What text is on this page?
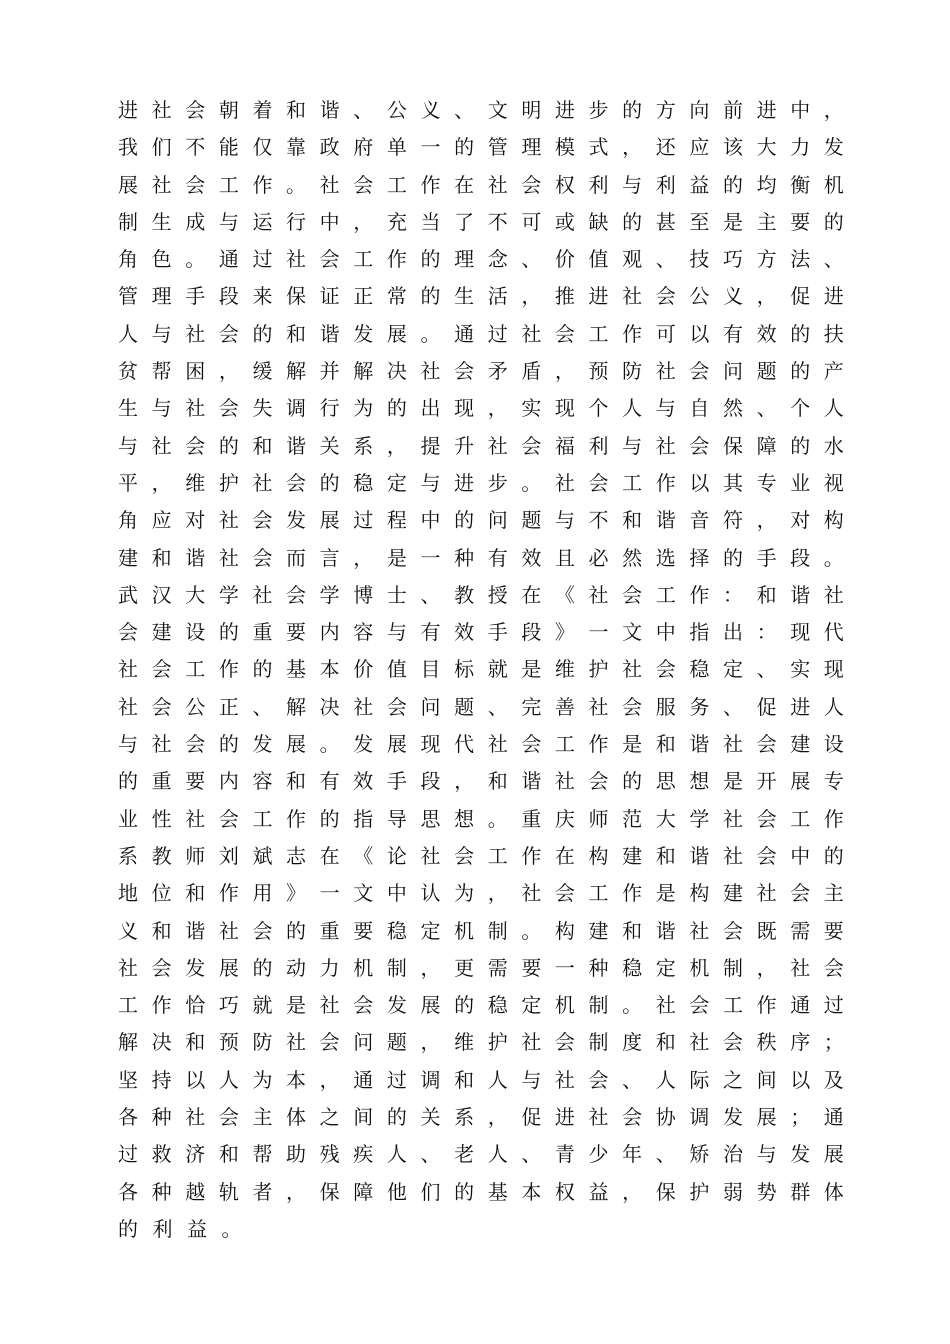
进 社 会 朝 着 和 谐 、 公 义 、 文 明 进 步 的 方 向 前 进 中 ，
我 们 不 能 仅 靠 政 府 单 一 的 管 理 模 式 ， 还 应 该 大 力 发
展 社 会 工 作 。 社 会 工 作 在 社 会 权 利 与 利 益 的 均 衡 机
制 生 成 与 运 行 中 ， 充 当 了 不 可 或 缺 的 甚 至 是 主 要 的
角 色 。 通 过 社 会 工 作 的 理 念 、 价 值 观 、 技 巧 方 法 、
管 理 手 段 来 保 证 正 常 的 生 活 ， 推 进 社 会 公 义 ， 促 进
人 与 社 会 的 和 谐 发 展 。 通 过 社 会 工 作 可 以 有 效 的 扶
贫 帮 困 ， 缓 解 并 解 决 社 会 矛 盾 ， 预 防 社 会 问 题 的 产
生 与 社 会 失 调 行 为 的 出 现 ， 实 现 个 人 与 自 然 、 个 人
与 社 会 的 和 谐 关 系 ， 提 升 社 会 福 利 与 社 会 保 障 的 水
平 ， 维 护 社 会 的 稳 定 与 进 步 。 社 会 工 作 以 其 专 业 视
角 应 对 社 会 发 展 过 程 中 的 问 题 与 不 和 谐 音 符 ， 对 构
建 和 谐 社 会 而 言 ， 是 一 种 有 效 且 必 然 选 择 的 手 段 。
武 汉 大 学 社 会 学 博 士 、 教 授 在 《 社 会 工 作 ： 和 谐 社
会 建 设 的 重 要 内 容 与 有 效 手 段 》 一 文 中 指 出 ： 现 代
社 会 工 作 的 基 本 价 值 目 标 就 是 维 护 社 会 稳 定 、 实 现
社 会 公 正 、 解 决 社 会 问 题 、 完 善 社 会 服 务 、 促 进 人
与 社 会 的 发 展 。 发 展 现 代 社 会 工 作 是 和 谐 社 会 建 设
的 重 要 内 容 和 有 效 手 段 ， 和 谐 社 会 的 思 想 是 开 展 专
业 性 社 会 工 作 的 指 导 思 想 。 重 庆 师 范 大 学 社 会 工 作
系 教 师 刘 斌 志 在 《 论 社 会 工 作 在 构 建 和 谐 社 会 中 的
地 位 和 作 用 》 一 文 中 认 为 ， 社 会 工 作 是 构 建 社 会 主
义 和 谐 社 会 的 重 要 稳 定 机 制 。 构 建 和 谐 社 会 既 需 要
社 会 发 展 的 动 力 机 制 ， 更 需 要 一 种 稳 定 机 制 ， 社 会
工 作 恰 巧 就 是 社 会 发 展 的 稳 定 机 制 。 社 会 工 作 通 过
解 决 和 预 防 社 会 问 题 ， 维 护 社 会 制 度 和 社 会 秩 序 ；
坚 持 以 人 为 本 ， 通 过 调 和 人 与 社 会 、 人 际 之 间 以 及
各 种 社 会 主 体 之 间 的 关 系 ， 促 进 社 会 协 调 发 展 ； 通
过 救 济 和 帮 助 残 疾 人 、 老 人 、 青 少 年 、 矫 治 与 发 展
各 种 越 轨 者 ， 保 障 他 们 的 基 本 权 益 ， 保 护 弱 势 群 体
的 利 益 。
